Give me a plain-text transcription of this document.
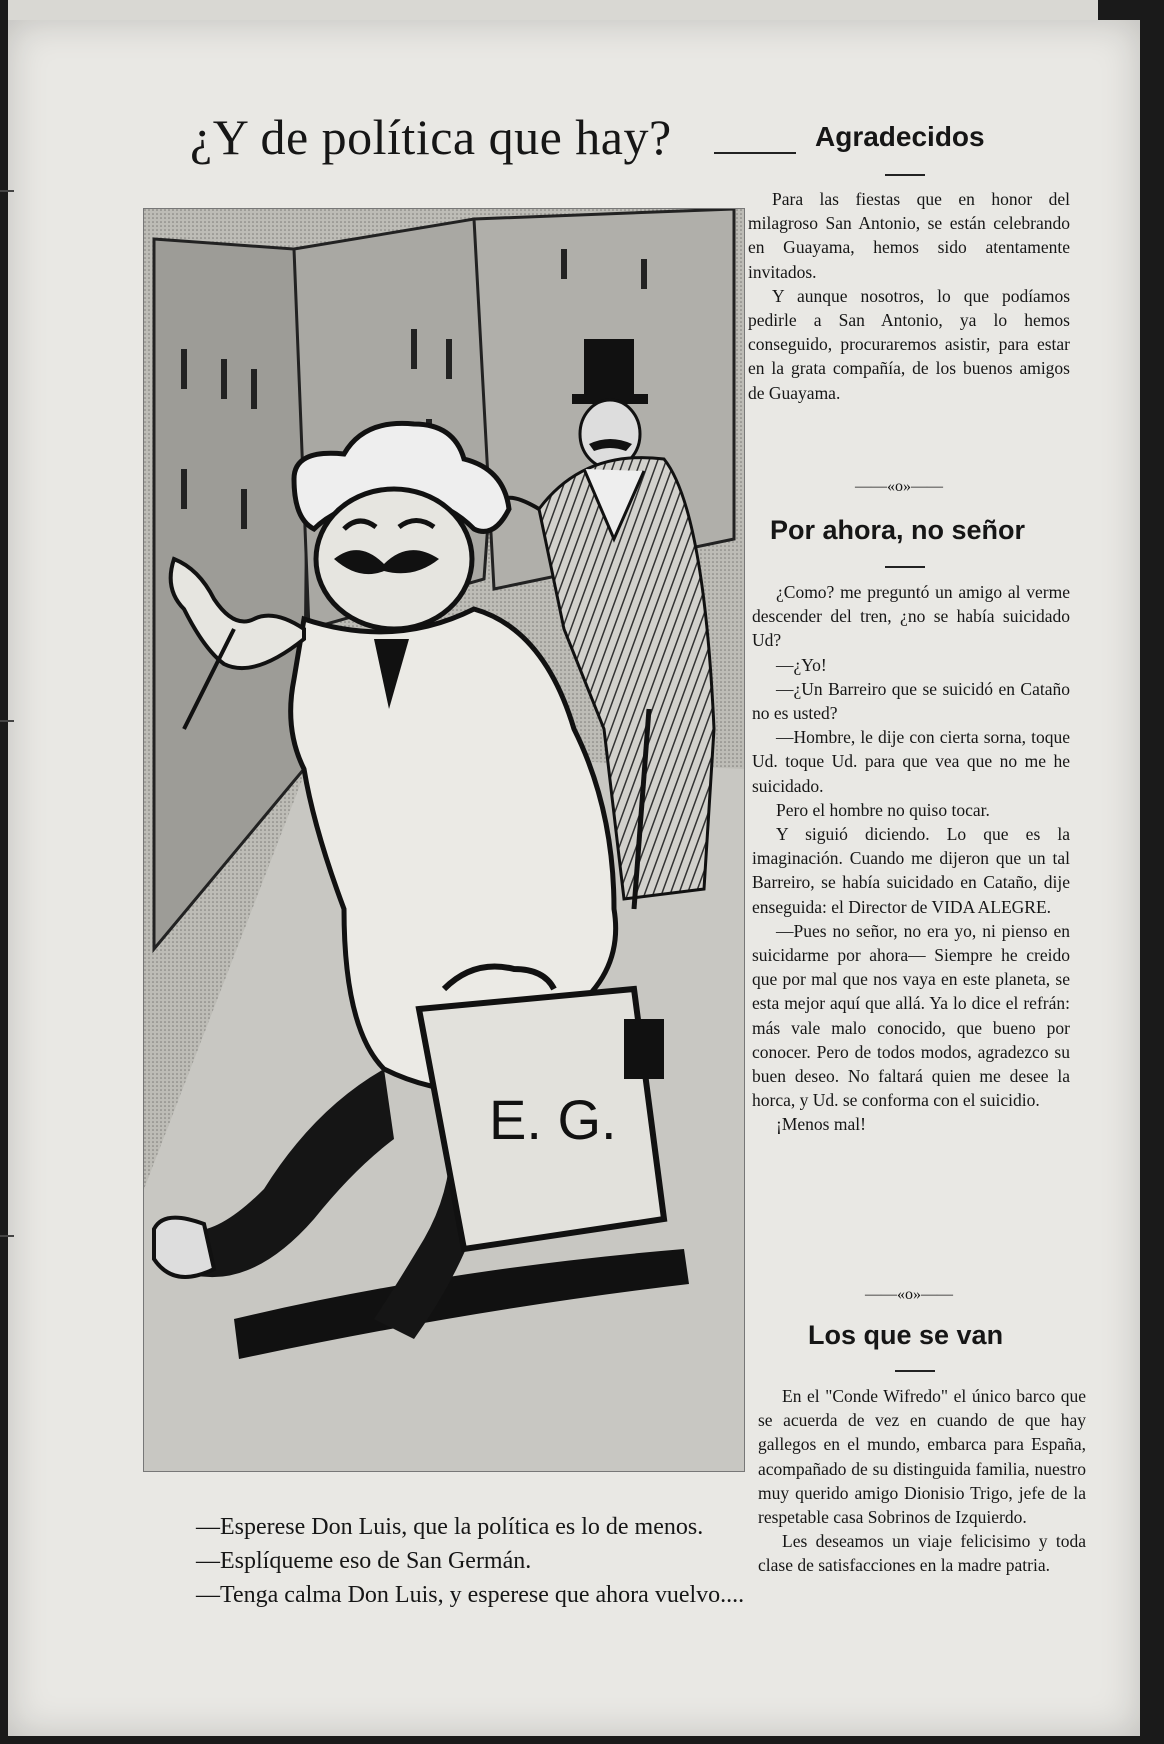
¿Y de política que hay?
E. G.

—Esperese Don Luis, que la política es lo de menos.

—Esplíqueme eso de San Germán.

—Tenga calma Don Luis, y esperese que ahora vuelvo....

Agradecidos

Para las fiestas que en honor del milagroso San Antonio, se están celebrando en Guayama, hemos sido atentamente invitados.

Y aunque nosotros, lo que podíamos pedirle a San Antonio, ya lo hemos conseguido, procuraremos asistir, para estar en la grata compañía, de los buenos amigos de Guayama.

——«o»——
Por ahora, no señor

¿Como? me preguntó un amigo al verme descender del tren, ¿no se había suicidado Ud?

—¿Yo!

—¿Un Barreiro que se suicidó en Cataño no es usted?

—Hombre, le dije con cierta sorna, toque Ud. toque Ud. para que vea que no me he suicidado.

Pero el hombre no quiso tocar.

Y siguió diciendo. Lo que es la imaginación. Cuando me dijeron que un tal Barreiro, se había suicidado en Cataño, dije enseguida: el Director de VIDA ALEGRE.

—Pues no señor, no era yo, ni pienso en suicidarme por ahora— Siempre he creido que por mal que nos vaya en este planeta, se esta mejor aquí que allá. Ya lo dice el refrán: más vale malo conocido, que bueno por conocer. Pero de todos modos, agradezco su buen deseo. No faltará quien me desee la horca, y Ud. se conforma con el suicidio.

¡Menos mal!

——«o»——
Los que se van

En el "Conde Wifredo" el único barco que se acuerda de vez en cuando de que hay gallegos en el mundo, embarca para España, acompañado de su distinguida familia, nuestro muy querido amigo Dionisio Trigo, jefe de la respetable casa Sobrinos de Izquierdo.

Les deseamos un viaje felicisimo y toda clase de satisfacciones en la madre patria.
